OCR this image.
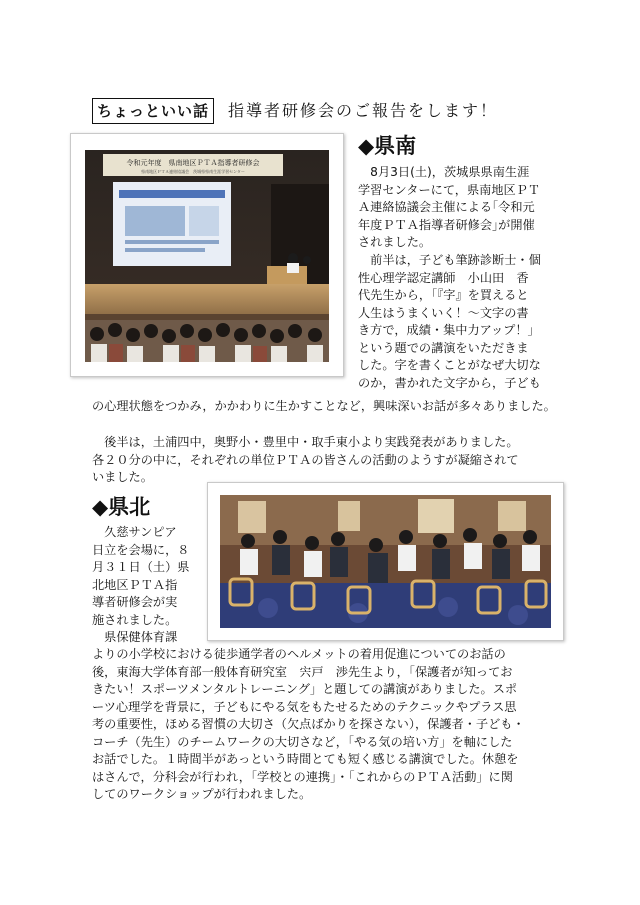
ちょっといい話	指導者研修会のご報告をします！
令和元年度　県南地区ＰＴＡ指導者研修会
県南地区ＰＴＡ連絡協議会　茨城県県南生涯学習センター
◆県南
　8月3日(土)，茨城県県南生涯
学習センターにて，県南地区ＰＴ
Ａ連絡協議会主催による｢令和元
年度ＰＴＡ指導者研修会｣が開催
されました。
　前半は，子ども筆跡診断士・個
性心理学認定講師　小山田　香
代先生から，「『字』を買えると
人生はうまくいく！～文字の書
き方で，成績・集中力アップ！」
という題での講演をいただきま
した。字を書くことがなぜ大切な
のか，書かれた文字から，子ども
の心理状態をつかみ，かかわりに生かすことなど，興味深いお話が多々ありました。
　後半は，土浦四中，奥野小・豊里中・取手東小より実践発表がありました。
各２０分の中に，それぞれの単位ＰＴＡの皆さんの活動のようすが凝縮されて
いました。
◆県北
　久慈サンピア
日立を会場に，８
月３１日（土）県
北地区ＰＴＡ指
導者研修会が実
施されました。
　県保健体育課
よりの小学校における徒歩通学者のヘルメットの着用促進についてのお話の
後，東海大学体育部一般体育研究室　宍戸　渉先生より，「保護者が知ってお
きたい！スポーツメンタルトレーニング」と題しての講演がありました。スポ
ーツ心理学を背景に，子どもにやる気をもたせるためのテクニックやプラス思
考の重要性，ほめる習慣の大切さ（欠点ばかりを探さない），保護者・子ども・
コーチ（先生）のチームワークの大切さなど，「やる気の培い方」を軸にした
お話でした。１時間半があっという時間とても短く感じる講演でした。休憩を
はさんで，分科会が行われ，「学校との連携」・「これからのＰＴＡ活動」に関
してのワークショップが行われました。
